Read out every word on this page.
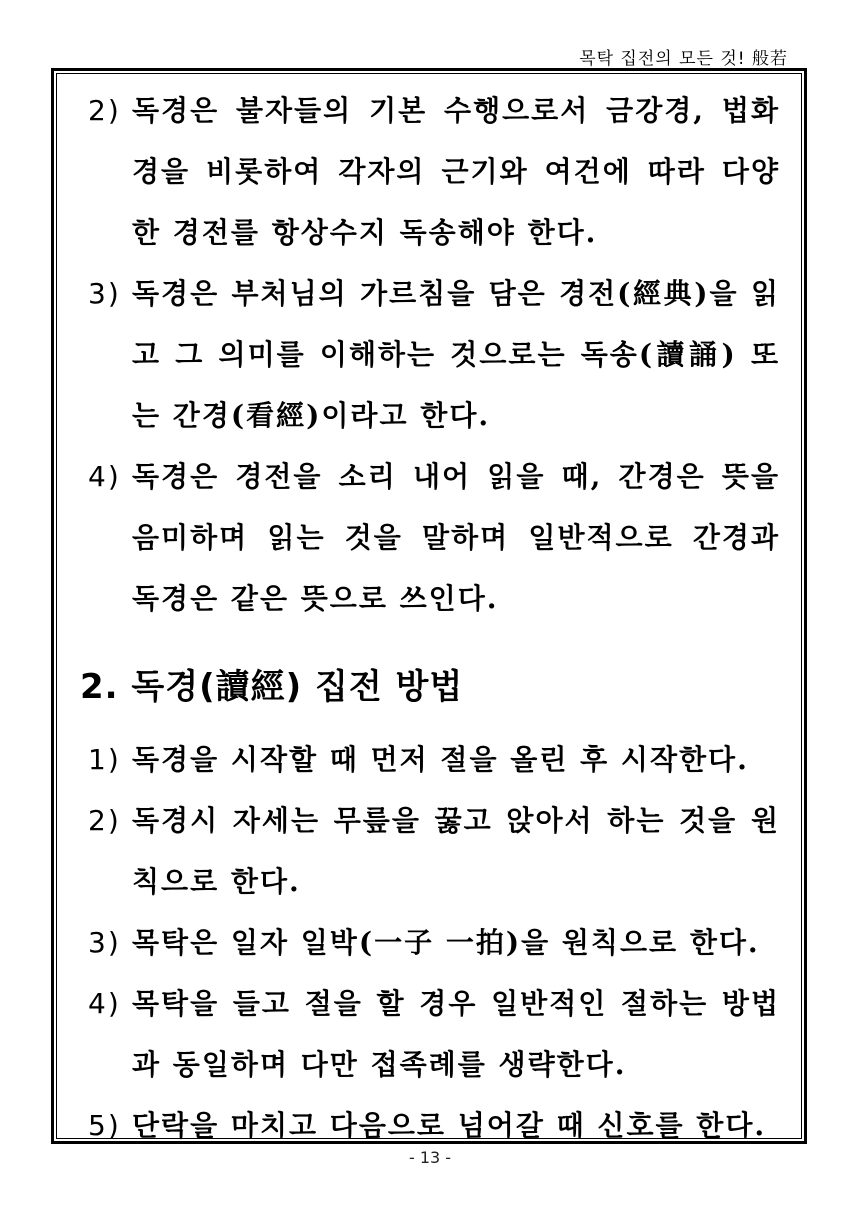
목탁 집전의 모든 것! 般若
2) 독경은 불자들의 기본 수행으로서 금강경, 법화경을 비롯하여 각자의 근기와 여건에 따라 다양한 경전를 항상수지 독송해야 한다.
3) 독경은 부처님의 가르침을 담은 경전(經典)을 읽고 그 의미를 이해하는 것으로는 독송(讀誦) 또는 간경(看經)이라고 한다.
4) 독경은 경전을 소리 내어 읽을 때, 간경은 뜻을 음미하며 읽는 것을 말하며 일반적으로 간경과 독경은 같은 뜻으로 쓰인다.
2. 독경(讀經) 집전 방법
1) 독경을 시작할 때 먼저 절을 올린 후 시작한다.
2) 독경시 자세는 무릎을 꿇고 앉아서 하는 것을 원칙으로 한다.
3) 목탁은 일자 일박(一子 一拍)을 원칙으로 한다.
4) 목탁을 들고 절을 할 경우 일반적인 절하는 방법과 동일하며 다만 접족례를 생략한다.
5) 단락을 마치고 다음으로 넘어갈 때 신호를 한다.
- 13 -
